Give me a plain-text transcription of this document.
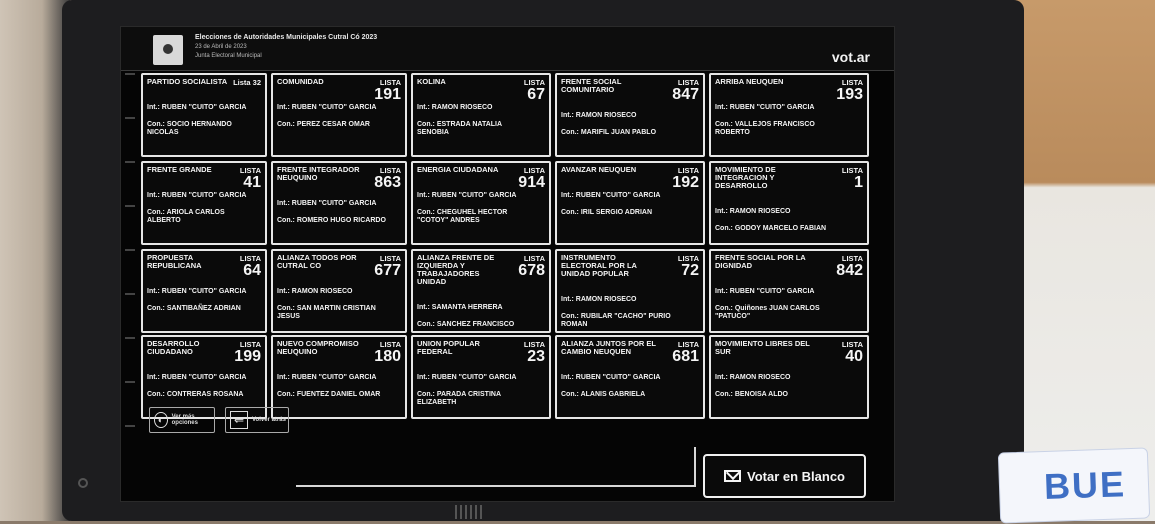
BUE
Elecciones de Autoridades Municipales Cutral Có 2023
23 de Abril de 2023
Junta Electoral Municipal	vot.ar
PARTIDO SOCIALISTA Lista 32
Int.: RUBEN "CUITO" GARCIA
Con.: SOCIO HERNANDO NICOLAS
COMUNIDAD	LISTA
191
Int.: RUBEN "CUITO" GARCIA
Con.: PEREZ CESAR OMAR
KOLINA	LISTA
67
Int.: RAMON RIOSECO
Con.: ESTRADA NATALIA SENOBIA
FRENTE SOCIAL COMUNITARIO
LISTA
847
Int.: RAMON RIOSECO
Con.: MARIFIL JUAN PABLO
ARRIBA NEUQUEN	LISTA
193
Int.: RUBEN "CUITO" GARCIA
Con.: VALLEJOS FRANCISCO ROBERTO
FRENTE GRANDE	LISTA
41
Int.: RUBEN "CUITO" GARCIA
Con.: ARIOLA CARLOS ALBERTO
FRENTE INTEGRADOR NEUQUINO
LISTA
863
Int.: RUBEN "CUITO" GARCIA
Con.: ROMERO HUGO RICARDO
ENERGIA CIUDADANA	LISTA
914
Int.: RUBEN "CUITO" GARCIA
Con.: CHEGUHEL HECTOR "COTOY" ANDRES
AVANZAR NEUQUEN	LISTA
192
Int.: RUBEN "CUITO" GARCIA
Con.: IRIL SERGIO ADRIAN
MOVIMIENTO DE INTEGRACION Y DESARROLLO
LISTA
1
Int.: RAMON RIOSECO
Con.: GODOY MARCELO FABIAN
PROPUESTA REPUBLICANA
LISTA
64
Int.: RUBEN "CUITO" GARCIA
Con.: SANTIBAÑEZ ADRIAN
ALIANZA TODOS POR CUTRAL CO
LISTA
677
Int.: RAMON RIOSECO
Con.: SAN MARTIN CRISTIAN JESUS
ALIANZA FRENTE DE IZQUIERDA Y TRABAJADORES UNIDAD
LISTA
678
Int.: SAMANTA HERRERA
Con.: SANCHEZ FRANCISCO
INSTRUMENTO ELECTORAL POR LA UNIDAD POPULAR
LISTA
72
Int.: RAMON RIOSECO
Con.: RUBILAR "CACHO" PURIO ROMAN
FRENTE SOCIAL POR LA DIGNIDAD
LISTA
842
Int.: RUBEN "CUITO" GARCIA
Con.: Quiñones JUAN CARLOS "PATUCO"
DESARROLLO CIUDADANO
LISTA
199
Int.: RUBEN "CUITO" GARCIA
Con.: CONTRERAS ROSANA
NUEVO COMPROMISO NEUQUINO
LISTA
180
Int.: RUBEN "CUITO" GARCIA
Con.: FUENTEZ DANIEL OMAR
UNION POPULAR FEDERAL
LISTA
23
Int.: RUBEN "CUITO" GARCIA
Con.: PARADA CRISTINA ELIZABETH
ALIANZA JUNTOS POR EL CAMBIO NEUQUEN
LISTA
681
Int.: RUBEN "CUITO" GARCIA
Con.: ALANIS GABRIELA
MOVIMIENTO LIBRES DEL SUR
LISTA
40
Int.: RAMON RIOSECO
Con.: BENOISA ALDO
◐	Ver más opciones	⇐	Volver atrás
Votar en Blanco
